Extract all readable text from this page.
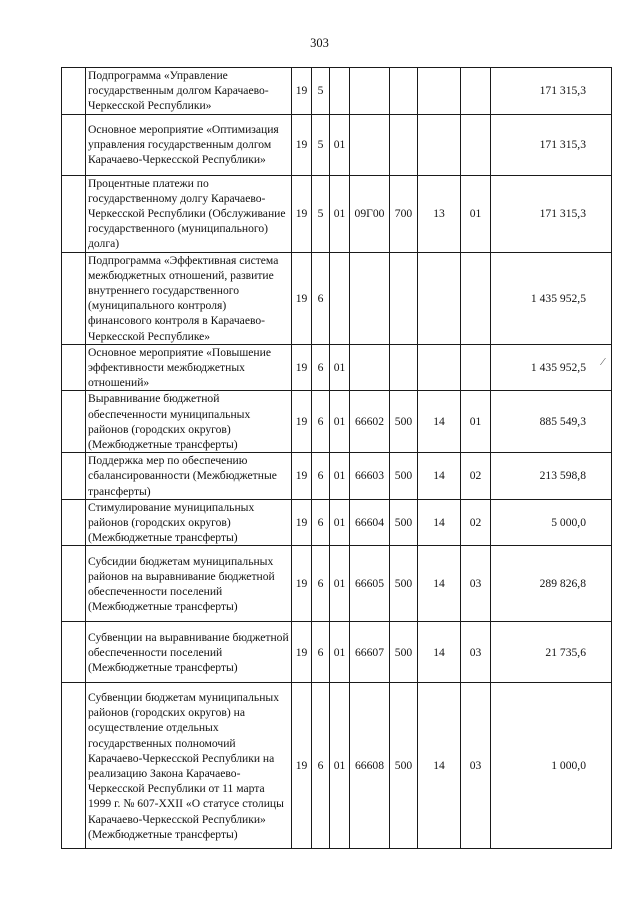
303
	Подпрограмма «Управление государственным долгом Карачаево-Черкесской Республики»	19	5						171 315,3
	Основное мероприятие «Оптимизация управления государственным долгом Карачаево-Черкесской Республики»	19	5	01					171 315,3
	Процентные платежи по государственному долгу Карачаево-Черкесской Республики (Обслуживание государственного (муниципального) долга)	19	5	01	09Г00	700	13	01	171 315,3
	Подпрограмма «Эффективная система межбюджетных отношений, развитие внутреннего государственного (муниципального контроля) финансового контроля в Карачаево-Черкесской Республике»	19	6						1 435 952,5
	Основное мероприятие «Повышение эффективности межбюджетных отношений»	19	6	01					1 435 952,5
	Выравнивание бюджетной обеспеченности муниципальных районов (городских округов) (Межбюджетные трансферты)	19	6	01	66602	500	14	01	885 549,3
	Поддержка мер по обеспечению сбалансированности (Межбюджетные трансферты)	19	6	01	66603	500	14	02	213 598,8
	Стимулирование муниципальных районов (городских округов) (Межбюджетные трансферты)	19	6	01	66604	500	14	02	5 000,0
	Субсидии бюджетам муниципальных районов на выравнивание бюджетной обеспеченности поселений (Межбюджетные трансферты)	19	6	01	66605	500	14	03	289 826,8
	Субвенции на выравнивание бюджетной обеспеченности поселений (Межбюджетные трансферты)	19	6	01	66607	500	14	03	21 735,6
	Субвенции бюджетам муниципальных районов (городских округов) на осуществление отдельных государственных полномочий Карачаево-Черкесской Республики на реализацию Закона Карачаево-Черкесской Республики от 11 марта 1999 г. № 607-XXII «О статусе столицы Карачаево-Черкесской Республики» (Межбюджетные трансферты)	19	6	01	66608	500	14	03	1 000,0
⁄
